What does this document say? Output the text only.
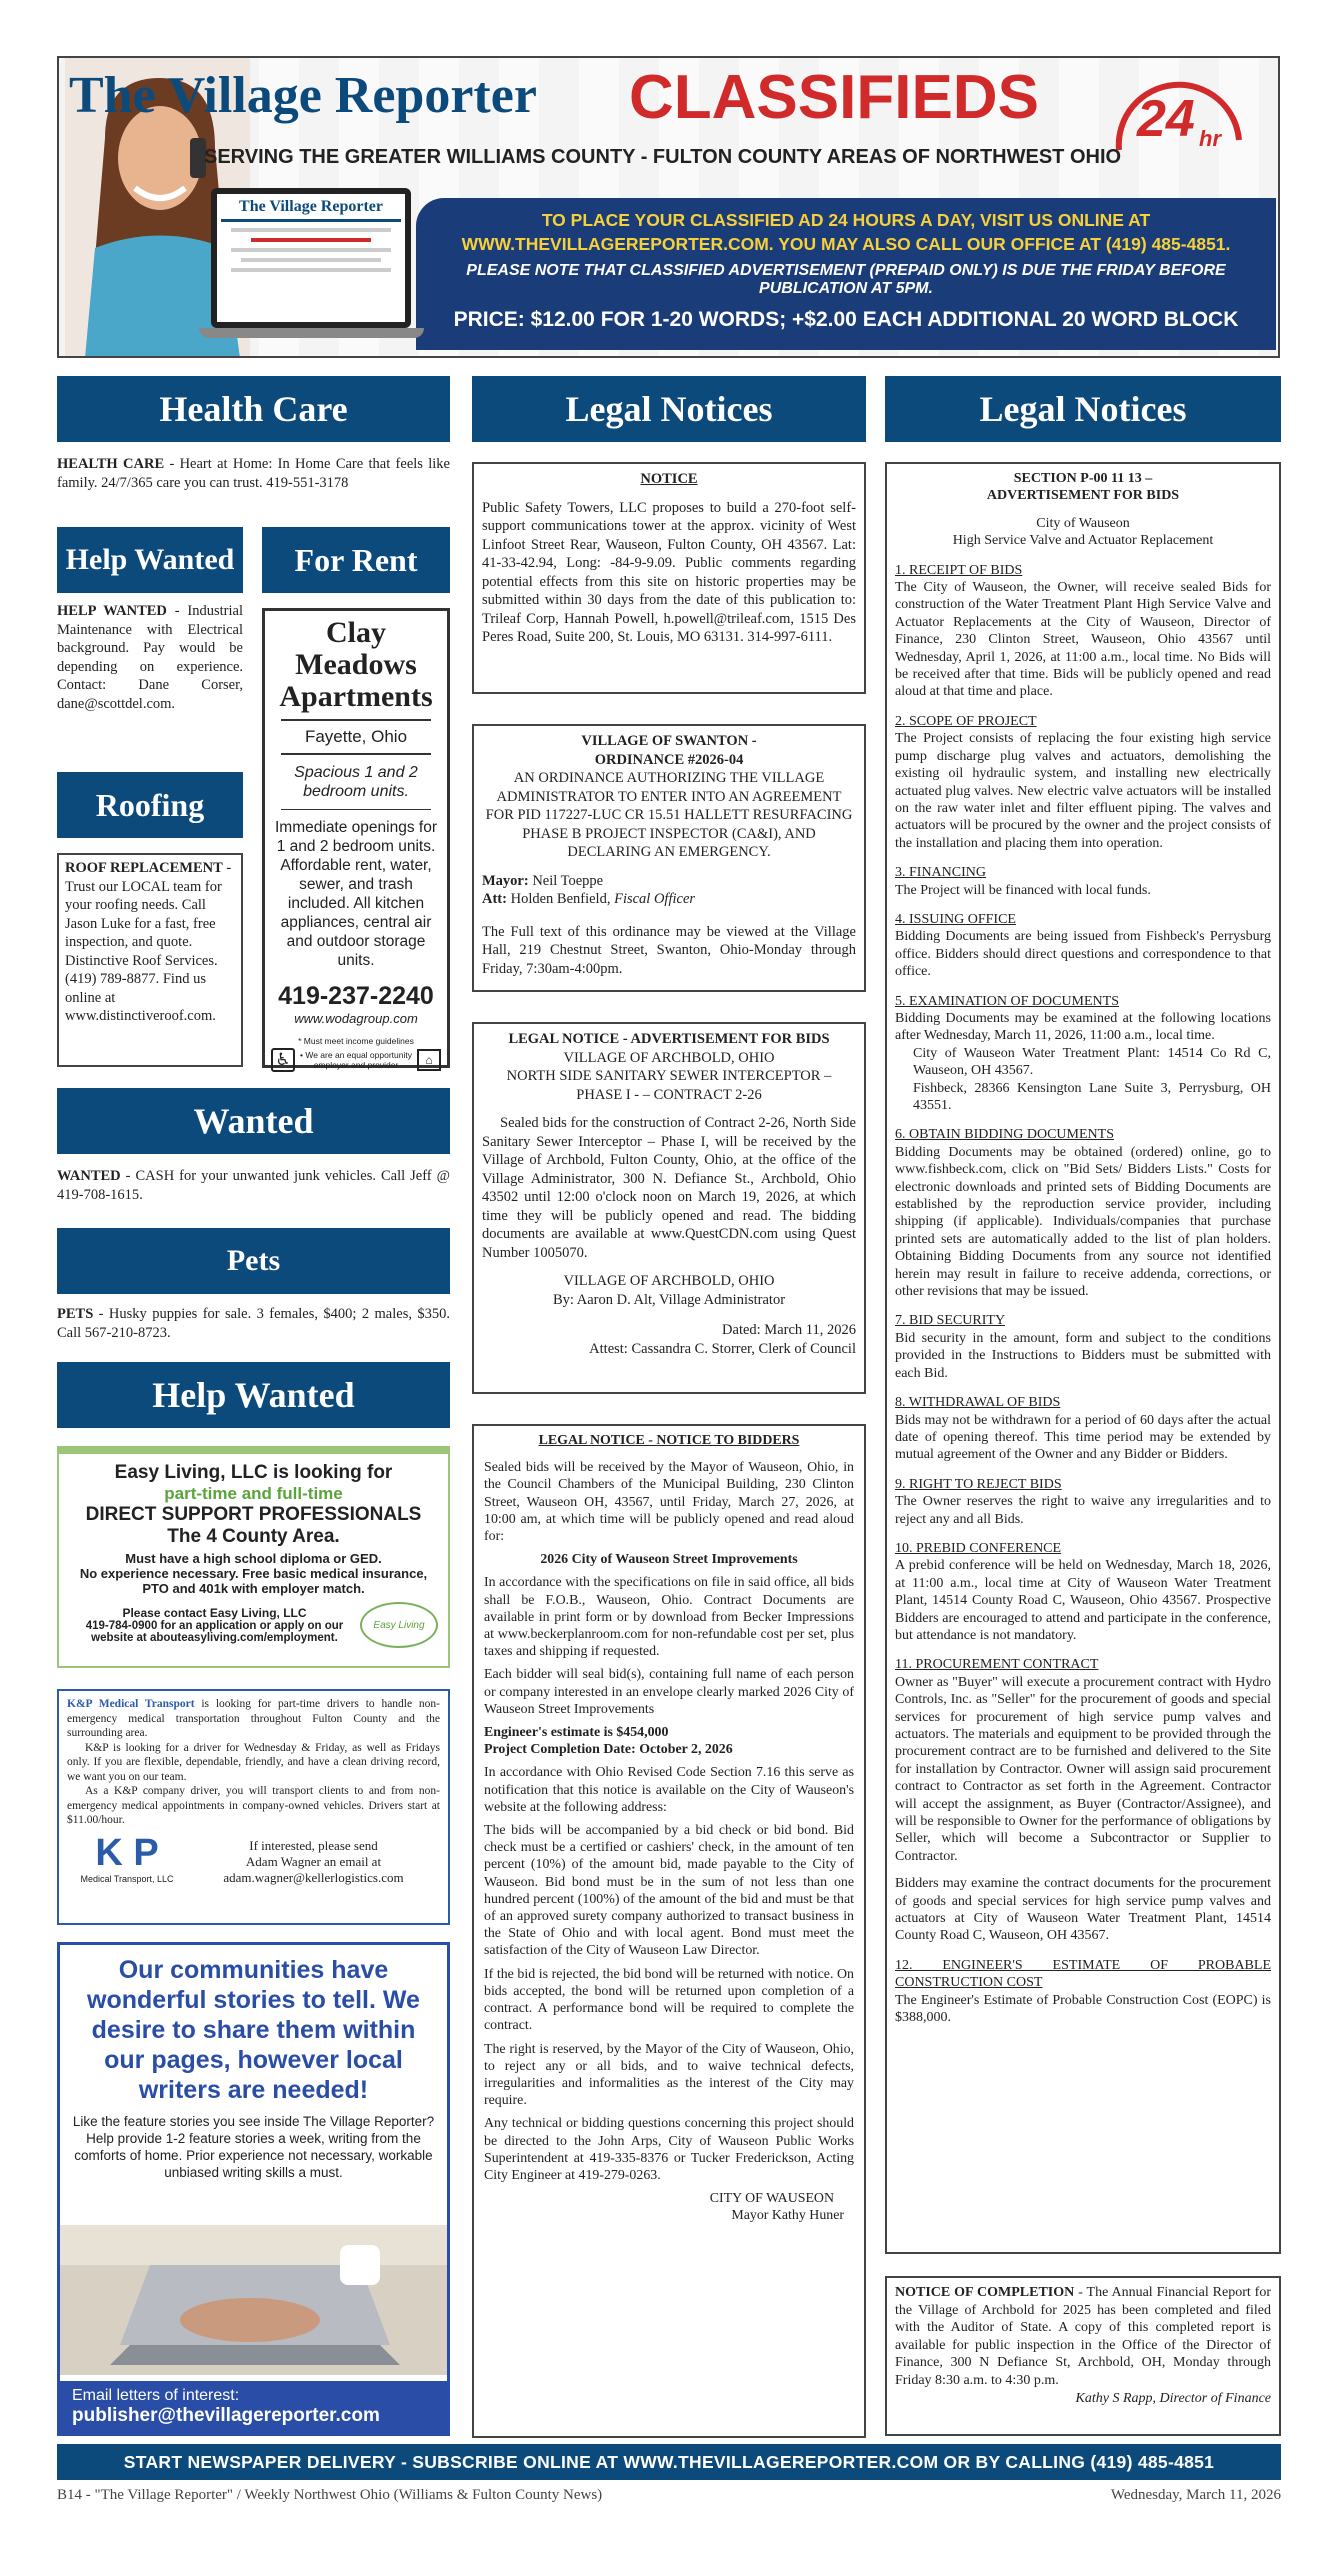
The Village Reporter CLASSIFIEDS 24 hr
SERVING THE GREATER WILLIAMS COUNTY - FULTON COUNTY AREAS OF NORTHWEST OHIO
TO PLACE YOUR CLASSIFIED AD 24 HOURS A DAY, VISIT US ONLINE AT
WWW.THEVILLAGEREPORTER.COM. YOU MAY ALSO CALL OUR OFFICE AT (419) 485-4851.
PLEASE NOTE THAT CLASSIFIED ADVERTISEMENT (PREPAID ONLY) IS DUE THE FRIDAY BEFORE PUBLICATION AT 5PM.
PRICE: $12.00 FOR 1-20 WORDS; +$2.00 EACH ADDITIONAL 20 WORD BLOCK
The Village Reporter
Health Care
HEALTH CARE - Heart at Home: In Home Care that feels like family. 24/7/365 care you can trust. 419-551-3178
Help Wanted
HELP WANTED - Industrial Maintenance with Electrical background. Pay would be depending on experience. Contact: Dane Corser, dane@scottdel.com.
For Rent
Clay Meadows
Apartments
Fayette, Ohio
Spacious 1 and 2 bedroom units.
Immediate openings for 1 and 2 bedroom units. Affordable rent, water, sewer, and trash included. All kitchen appliances, central air and outdoor storage units.
419-237-2240
www.wodagroup.com
* Must meet income guidelines
♿	• We are an equal opportunity employer and provider	⌂
Roofing
ROOF REPLACEMENT - Trust our LOCAL team for your roofing needs. Call Jason Luke for a fast, free inspection, and quote. Distinctive Roof Services. (419) 789-8877. Find us online at www.distinctiveroof.com.
Wanted
WANTED - CASH for your unwanted junk vehicles. Call Jeff @ 419-708-1615.
Pets
PETS - Husky puppies for sale. 3 females, $400; 2 males, $350. Call 567-210-8723.
Help Wanted
Easy Living, LLC is looking for
part-time and full-time
DIRECT SUPPORT PROFESSIONALS
The 4 County Area.
Must have a high school diploma or GED.
No experience necessary. Free basic medical insurance, PTO and 401k with employer match.
Please contact Easy Living, LLC
419-784-0900 for an application or apply on our website at abouteasyliving.com/employment.
Easy Living
K&P Medical Transport is looking for part-time drivers to handle non-emergency medical transportation throughout Fulton County and the surrounding area.
K&P is looking for a driver for Wednesday & Friday, as well as Fridays only. If you are flexible, dependable, friendly, and have a clean driving record, we want you on our team.
As a K&P company driver, you will transport clients to and from non-emergency medical appointments in company-owned vehicles. Drivers start at $11.00/hour.
K P
Medical Transport, LLC
If interested, please send
Adam Wagner an email at
adam.wagner@kellerlogistics.com
Our communities have wonderful stories to tell. We desire to share them within our pages, however local writers are needed!
Like the feature stories you see inside The Village Reporter? Help provide 1-2 feature stories a week, writing from the comforts of home. Prior experience not necessary, workable unbiased writing skills a must.
Email letters of interest:
publisher@thevillagereporter.com
Legal Notices
NOTICE
Public Safety Towers, LLC proposes to build a 270-foot self-support communications tower at the approx. vicinity of West Linfoot Street Rear, Wauseon, Fulton County, OH 43567. Lat: 41-33-42.94, Long: -84-9-9.09. Public comments regarding potential effects from this site on historic properties may be submitted within 30 days from the date of this publication to: Trileaf Corp, Hannah Powell, h.powell@trileaf.com, 1515 Des Peres Road, Suite 200, St. Louis, MO 63131. 314-997-6111.
VILLAGE OF SWANTON -
ORDINANCE #2026-04
AN ORDINANCE AUTHORIZING THE VILLAGE ADMINISTRATOR TO ENTER INTO AN AGREEMENT FOR PID 117227-LUC CR 15.51 HALLETT RESURFACING PHASE B PROJECT INSPECTOR (CA&I), AND DECLARING AN EMERGENCY.
Mayor: Neil Toeppe
Att: Holden Benfield, Fiscal Officer
The Full text of this ordinance may be viewed at the Village Hall, 219 Chestnut Street, Swanton, Ohio-Monday through Friday, 7:30am-4:00pm.
LEGAL NOTICE - ADVERTISEMENT FOR BIDS
VILLAGE OF ARCHBOLD, OHIO
NORTH SIDE SANITARY SEWER INTERCEPTOR – PHASE I - – CONTRACT 2-26
Sealed bids for the construction of Contract 2-26, North Side Sanitary Sewer Interceptor – Phase I, will be received by the Village of Archbold, Fulton County, Ohio, at the office of the Village Administrator, 300 N. Defiance St., Archbold, Ohio 43502 until 12:00 o'clock noon on March 19, 2026, at which time they will be publicly opened and read. The bidding documents are available at www.QuestCDN.com using Quest Number 1005070.
VILLAGE OF ARCHBOLD, OHIO
By: Aaron D. Alt, Village Administrator
Dated: March 11, 2026
Attest: Cassandra C. Storrer, Clerk of Council
LEGAL NOTICE - NOTICE TO BIDDERS

Sealed bids will be received by the Mayor of Wauseon, Ohio, in the Council Chambers of the Municipal Building, 230 Clinton Street, Wauseon OH, 43567, until Friday, March 27, 2026, at 10:00 am, at which time will be publicly opened and read aloud for:

2026 City of Wauseon Street Improvements

In accordance with the specifications on file in said office, all bids shall be F.O.B., Wauseon, Ohio. Contract Documents are available in print form or by download from Becker Impressions at www.beckerplanroom.com for non-refundable cost per set, plus taxes and shipping if requested.

Each bidder will seal bid(s), containing full name of each person or company interested in an envelope clearly marked 2026 City of Wauseon Street Improvements

Engineer's estimate is $454,000

Project Completion Date: October 2, 2026

In accordance with Ohio Revised Code Section 7.16 this serve as notification that this notice is available on the City of Wauseon's website at the following address:

The bids will be accompanied by a bid check or bid bond. Bid check must be a certified or cashiers' check, in the amount of ten percent (10%) of the amount bid, made payable to the City of Wauseon. Bid bond must be in the sum of not less than one hundred percent (100%) of the amount of the bid and must be that of an approved surety company authorized to transact business in the State of Ohio and with local agent. Bond must meet the satisfaction of the City of Wauseon Law Director.

If the bid is rejected, the bid bond will be returned with notice. On bids accepted, the bond will be returned upon completion of a contract. A performance bond will be required to complete the contract.

The right is reserved, by the Mayor of the City of Wauseon, Ohio, to reject any or all bids, and to waive technical defects, irregularities and informalities as the interest of the City may require.

Any technical or bidding questions concerning this project should be directed to the John Arps, City of Wauseon Public Works Superintendent at 419-335-8376 or Tucker Frederickson, Acting City Engineer at 419-279-0263.

CITY OF WAUSEON
Mayor Kathy Huner
Legal Notices
SECTION P-00 11 13 –
ADVERTISEMENT FOR BIDS
City of Wauseon
High Service Valve and Actuator Replacement
1. RECEIPT OF BIDS

The City of Wauseon, the Owner, will receive sealed Bids for construction of the Water Treatment Plant High Service Valve and Actuator Replacements at the City of Wauseon, Director of Finance, 230 Clinton Street, Wauseon, Ohio 43567 until Wednesday, April 1, 2026, at 11:00 a.m., local time. No Bids will be received after that time. Bids will be publicly opened and read aloud at that time and place.

2. SCOPE OF PROJECT

The Project consists of replacing the four existing high service pump discharge plug valves and actuators, demolishing the existing oil hydraulic system, and installing new electrically actuated plug valves. New electric valve actuators will be installed on the raw water inlet and filter effluent piping. The valves and actuators will be procured by the owner and the project consists of the installation and placing them into operation.

3. FINANCING

The Project will be financed with local funds.

4. ISSUING OFFICE

Bidding Documents are being issued from Fishbeck's Perrysburg office. Bidders should direct questions and correspondence to that office.

5. EXAMINATION OF DOCUMENTS
Bidding Documents may be examined at the following locations after Wednesday, March 11, 2026, 11:00 a.m., local time.
City of Wauseon Water Treatment Plant: 14514 Co Rd C, Wauseon, OH 43567.

Fishbeck, 28366 Kensington Lane Suite 3, Perrysburg, OH 43551.

6. OBTAIN BIDDING DOCUMENTS

Bidding Documents may be obtained (ordered) online, go to www.fishbeck.com, click on "Bid Sets/ Bidders Lists." Costs for electronic downloads and printed sets of Bidding Documents are established by the reproduction service provider, including shipping (if applicable). Individuals/companies that purchase printed sets are automatically added to the list of plan holders. Obtaining Bidding Documents from any source not identified herein may result in failure to receive addenda, corrections, or other revisions that may be issued.

7. BID SECURITY

Bid security in the amount, form and subject to the conditions provided in the Instructions to Bidders must be submitted with each Bid.

8. WITHDRAWAL OF BIDS

Bids may not be withdrawn for a period of 60 days after the actual date of opening thereof. This time period may be extended by mutual agreement of the Owner and any Bidder or Bidders.

9. RIGHT TO REJECT BIDS

The Owner reserves the right to waive any irregularities and to reject any and all Bids.

10. PREBID CONFERENCE

A prebid conference will be held on Wednesday, March 18, 2026, at 11:00 a.m., local time at City of Wauseon Water Treatment Plant, 14514 County Road C, Wauseon, Ohio 43567. Prospective Bidders are encouraged to attend and participate in the conference, but attendance is not mandatory.

11. PROCUREMENT CONTRACT

Owner as "Buyer" will execute a procurement contract with Hydro Controls, Inc. as "Seller" for the procurement of goods and special services for procurement of high service pump valves and actuators. The materials and equipment to be provided through the procurement contract are to be furnished and delivered to the Site for installation by Contractor. Owner will assign said procurement contract to Contractor as set forth in the Agreement. Contractor will accept the assignment, as Buyer (Contractor/Assignee), and will be responsible to Owner for the performance of obligations by Seller, which will become a Subcontractor or Supplier to Contractor.

Bidders may examine the contract documents for the procurement of goods and special services for high service pump valves and actuators at City of Wauseon Water Treatment Plant, 14514 County Road C, Wauseon, OH 43567.

12. ENGINEER'S ESTIMATE OF PROBABLE CONSTRUCTION COST
The Engineer's Estimate of Probable Construction Cost (EOPC) is $388,000.
NOTICE OF COMPLETION - The Annual Financial Report for the Village of Archbold for 2025 has been completed and filed with the Auditor of State. A copy of this completed report is available for public inspection in the Office of the Director of Finance, 300 N Defiance St, Archbold, OH, Monday through Friday 8:30 a.m. to 4:30 p.m.
Kathy S Rapp, Director of Finance
START NEWSPAPER DELIVERY - SUBSCRIBE ONLINE AT WWW.THEVILLAGEREPORTER.COM OR BY CALLING (419) 485-4851
B14 - "The Village Reporter" / Weekly Northwest Ohio (Williams & Fulton County News)	Wednesday, March 11, 2026
